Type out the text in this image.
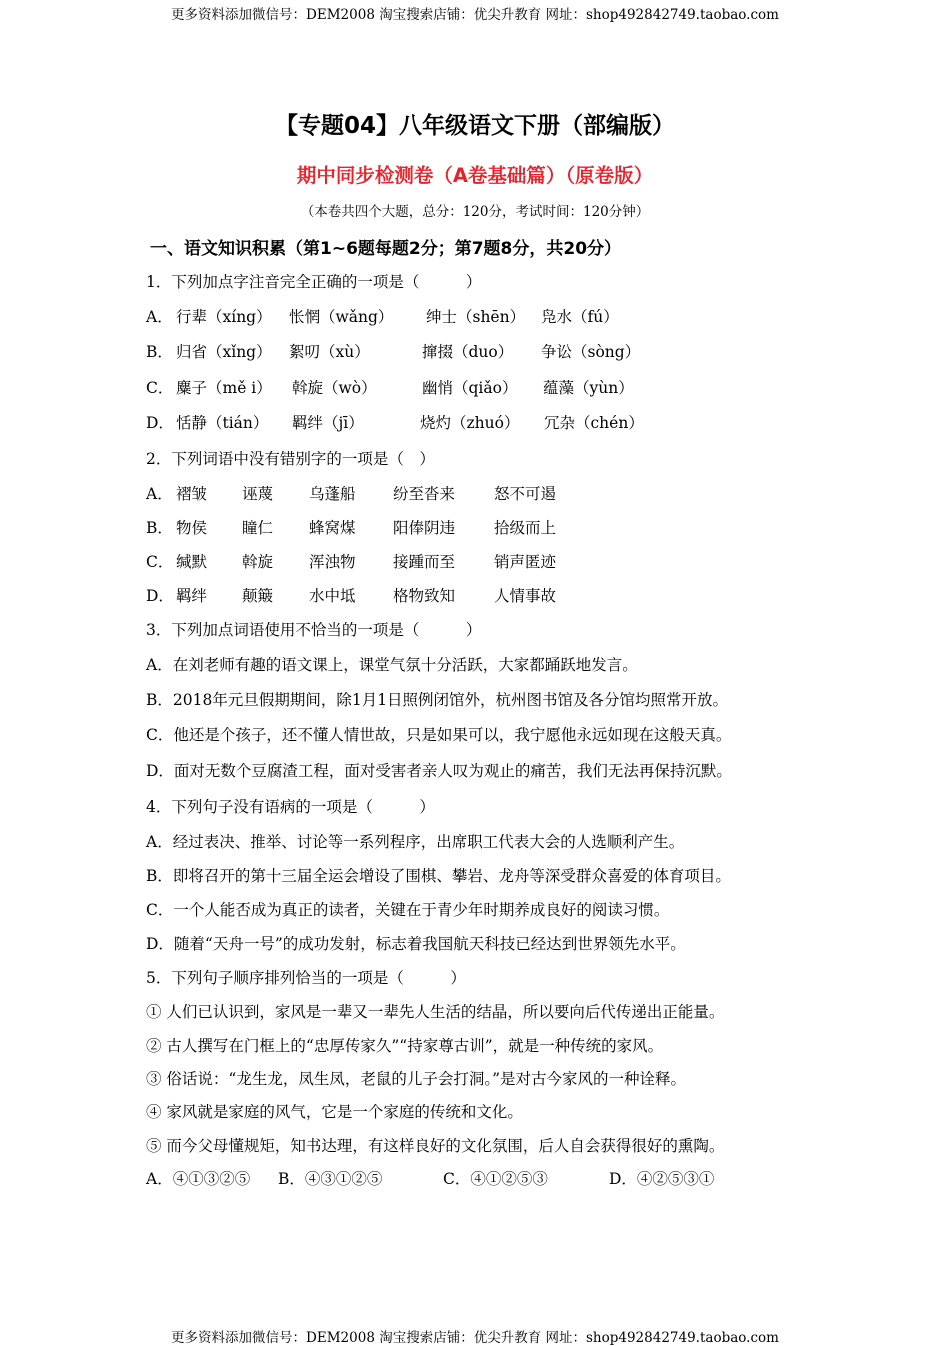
更多资料添加微信号：DEM2008 淘宝搜索店铺：优尖升教育 网址：shop492842749.taobao.com
【专题04】八年级语文下册（部编版）
期中同步检测卷（A卷基础篇）（原卷版）
（本卷共四个大题，总分：120分，考试时间：120分钟）
一、语文知识积累（第1~6题每题2分；第7题8分，共20分）
1．下列加点字注音完全正确的一项是（　　　）
A． 行辈（xíng） 怅惘（wǎng） 绅士（shēn） 凫水（fú）
B． 归省（xǐng） 絮叨（xù）	撺掇（duo） 争讼（sòng）
C． 麋子（mě i） 斡旋（wò）	幽悄（qiǎo） 蕴藻（yùn）
D． 恬静（tián） 羁绊（jī）	烧灼（zhuó） 冗杂（chén）
2．下列词语中没有错别字的一项是（　）
A． 褶皱 诬蔑 乌蓬船 纷至沓来	怒不可遏
B． 物侯 瞳仁 蜂窝煤 阳俸阴违	拾级而上
C． 缄默 斡旋 浑浊物 接踵而至	销声匿迹
D． 羁绊 颠簸 水中坻 格物致知	人情事故
3．下列加点词语使用不恰当的一项是（　　　）
A．在刘老师有趣的语文课上，课堂气氛十分活跃，大家都踊跃地发言。
B．2018年元旦假期期间，除1月1日照例闭馆外，杭州图书馆及各分馆均照常开放。
C．他还是个孩子，还不懂人情世故，只是如果可以，我宁愿他永远如现在这般天真。
D．面对无数个豆腐渣工程，面对受害者亲人叹为观止的痛苦，我们无法再保持沉默。
4．下列句子没有语病的一项是（　　　）
A．经过表决、推举、讨论等一系列程序，出席职工代表大会的人选顺利产生。
B．即将召开的第十三届全运会增设了围棋、攀岩、龙舟等深受群众喜爱的体育项目。
C．一个人能否成为真正的读者，关键在于青少年时期养成良好的阅读习惯。
D．随着“天舟一号”的成功发射，标志着我国航天科技已经达到世界领先水平。
5．下列句子顺序排列恰当的一项是（　　　）
① 人们已认识到，家风是一辈又一辈先人生活的结晶，所以要向后代传递出正能量。
② 古人撰写在门框上的“忠厚传家久”“持家尊古训”，就是一种传统的家风。
③ 俗话说：“龙生龙，凤生凤，老鼠的儿子会打洞。”是对古今家风的一种诠释。
④ 家风就是家庭的风气，它是一个家庭的传统和文化。
⑤ 而今父母懂规矩，知书达理，有这样良好的文化氛围，后人自会获得很好的熏陶。
A．④①③②⑤ B．④③①②⑤	C．④①②⑤③	D．④②⑤③①
更多资料添加微信号：DEM2008 淘宝搜索店铺：优尖升教育 网址：shop492842749.taobao.com
